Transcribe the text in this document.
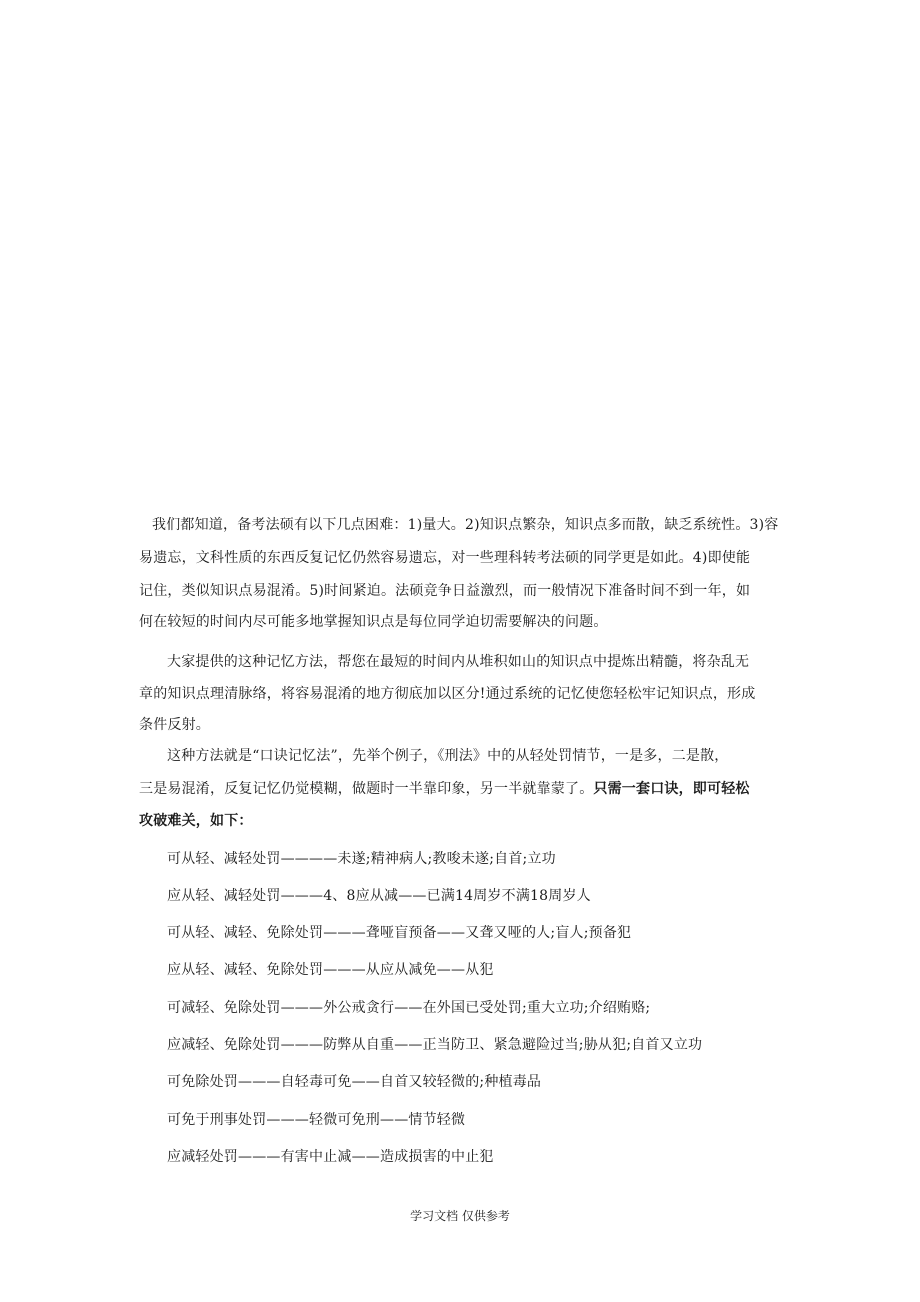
我们都知道，备考法硕有以下几点困难：1)量大。2)知识点繁杂，知识点多而散，缺乏系统性。3)容
易遗忘，文科性质的东西反复记忆仍然容易遗忘，对一些理科转考法硕的同学更是如此。4)即使能
记住，类似知识点易混淆。5)时间紧迫。法硕竞争日益激烈，而一般情况下准备时间不到一年，如
何在较短的时间内尽可能多地掌握知识点是每位同学迫切需要解决的问题。
大家提供的这种记忆方法，帮您在最短的时间内从堆积如山的知识点中提炼出精髓，将杂乱无
章的知识点理清脉络，将容易混淆的地方彻底加以区分!通过系统的记忆使您轻松牢记知识点，形成
条件反射。
这种方法就是“口诀记忆法”，先举个例子，《刑法》中的从轻处罚情节，一是多，二是散，
三是易混淆，反复记忆仍觉模糊，做题时一半靠印象，另一半就靠蒙了。只需一套口诀，即可轻松
攻破难关，如下：
可从轻、减轻处罚————未遂;精神病人;教唆未遂;自首;立功
应从轻、减轻处罚———4、8应从减——已满14周岁不满18周岁人
可从轻、减轻、免除处罚———聋哑盲预备——又聋又哑的人;盲人;预备犯
应从轻、减轻、免除处罚———从应从减免——从犯
可减轻、免除处罚———外公戒贪行——在外国已受处罚;重大立功;介绍贿赂;
应减轻、免除处罚———防弊从自重——正当防卫、紧急避险过当;胁从犯;自首又立功
可免除处罚———自轻毒可免——自首又较轻微的;种植毒品
可免于刑事处罚———轻微可免刑——情节轻微
应减轻处罚———有害中止减——造成损害的中止犯
学习文档 仅供参考
